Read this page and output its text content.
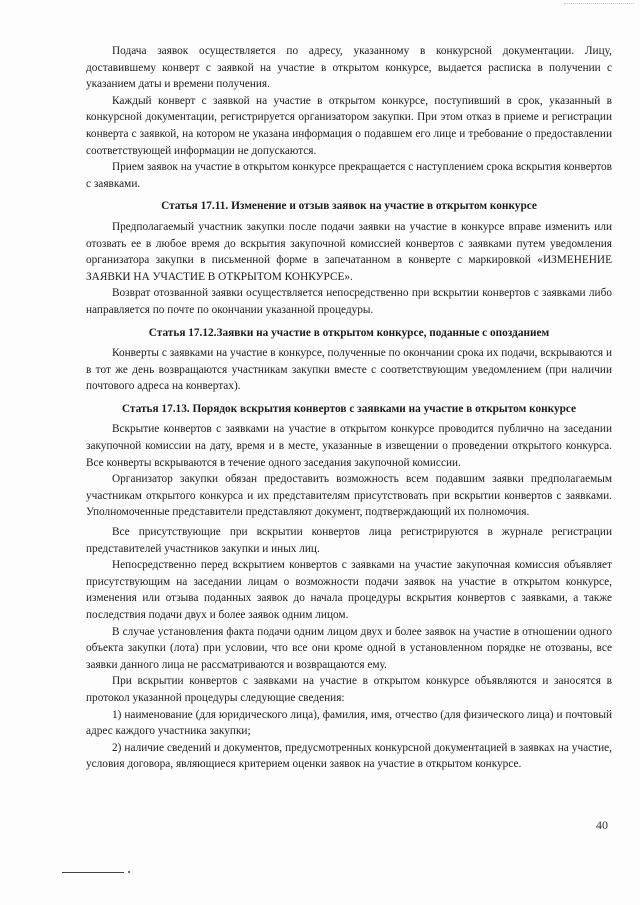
Подача заявок осуществляется по адресу, указанному в конкурсной документации. Лицу, доставившему конверт с заявкой на участие в открытом конкурсе, выдается расписка в получении с указанием даты и времени получения.

Каждый конверт с заявкой на участие в открытом конкурсе, поступивший в срок, указанный в конкурсной документации, регистрируется организатором закупки. При этом отказ в приеме и регистрации конверта с заявкой, на котором не указана информация о подавшем его лице и требование о предоставлении соответствующей информации не допускаются.

Прием заявок на участие в открытом конкурсе прекращается с наступлением срока вскрытия конвертов с заявками.

Статья 17.11. Изменение и отзыв заявок на участие в открытом конкурсе

Предполагаемый участник закупки после подачи заявки на участие в конкурсе вправе изменить или отозвать ее в любое время до вскрытия закупочной комиссией конвертов с заявками путем уведомления организатора закупки в письменной форме в запечатанном в конверте с маркировкой «ИЗМЕНЕНИЕ ЗАЯВКИ НА УЧАСТИЕ В ОТКРЫТОМ КОНКУРСЕ».

Возврат отозванной заявки осуществляется непосредственно при вскрытии конвертов с заявками либо направляется по почте по окончании указанной процедуры.

Статья 17.12.Заявки на участие в открытом конкурсе, поданные с опозданием

Конверты с заявками на участие в конкурсе, полученные по окончании срока их подачи, вскрываются и в тот же день возвращаются участникам закупки вместе с соответствующим уведомлением (при наличии почтового адреса на конвертах).

Статья 17.13. Порядок вскрытия конвертов с заявками на участие в открытом конкурсе

Вскрытие конвертов с заявками на участие в открытом конкурсе проводится публично на заседании закупочной комиссии на дату, время и в месте, указанные в извещении о проведении открытого конкурса. Все конверты вскрываются в течение одного заседания закупочной комиссии.

Организатор закупки обязан предоставить возможность всем подавшим заявки предполагаемым участникам открытого конкурса и их представителям присутствовать при вскрытии конвертов с заявками. Уполномоченные представители представляют документ, подтверждающий их полномочия.

Все присутствующие при вскрытии конвертов лица регистрируются в журнале регистрации представителей участников закупки и иных лиц.

Непосредственно перед вскрытием конвертов с заявками на участие закупочная комиссия объявляет присутствующим на заседании лицам о возможности подачи заявок на участие в открытом конкурсе, изменения или отзыва поданных заявок до начала процедуры вскрытия конвертов с заявками, а также последствия подачи двух и более заявок одним лицом.

В случае установления факта подачи одним лицом двух и более заявок на участие в отношении одного объекта закупки (лота) при условии, что все они кроме одной в установленном порядке не отозваны, все заявки данного лица не рассматриваются и возвращаются ему.

При вскрытии конвертов с заявками на участие в открытом конкурсе объявляются и заносятся в протокол указанной процедуры следующие сведения:

1) наименование (для юридического лица), фамилия, имя, отчество (для физического лица) и почтовый адрес каждого участника закупки;

2) наличие сведений и документов, предусмотренных конкурсной документацией в заявках на участие, условия договора, являющиеся критерием оценки заявок на участие в открытом конкурсе.

40
